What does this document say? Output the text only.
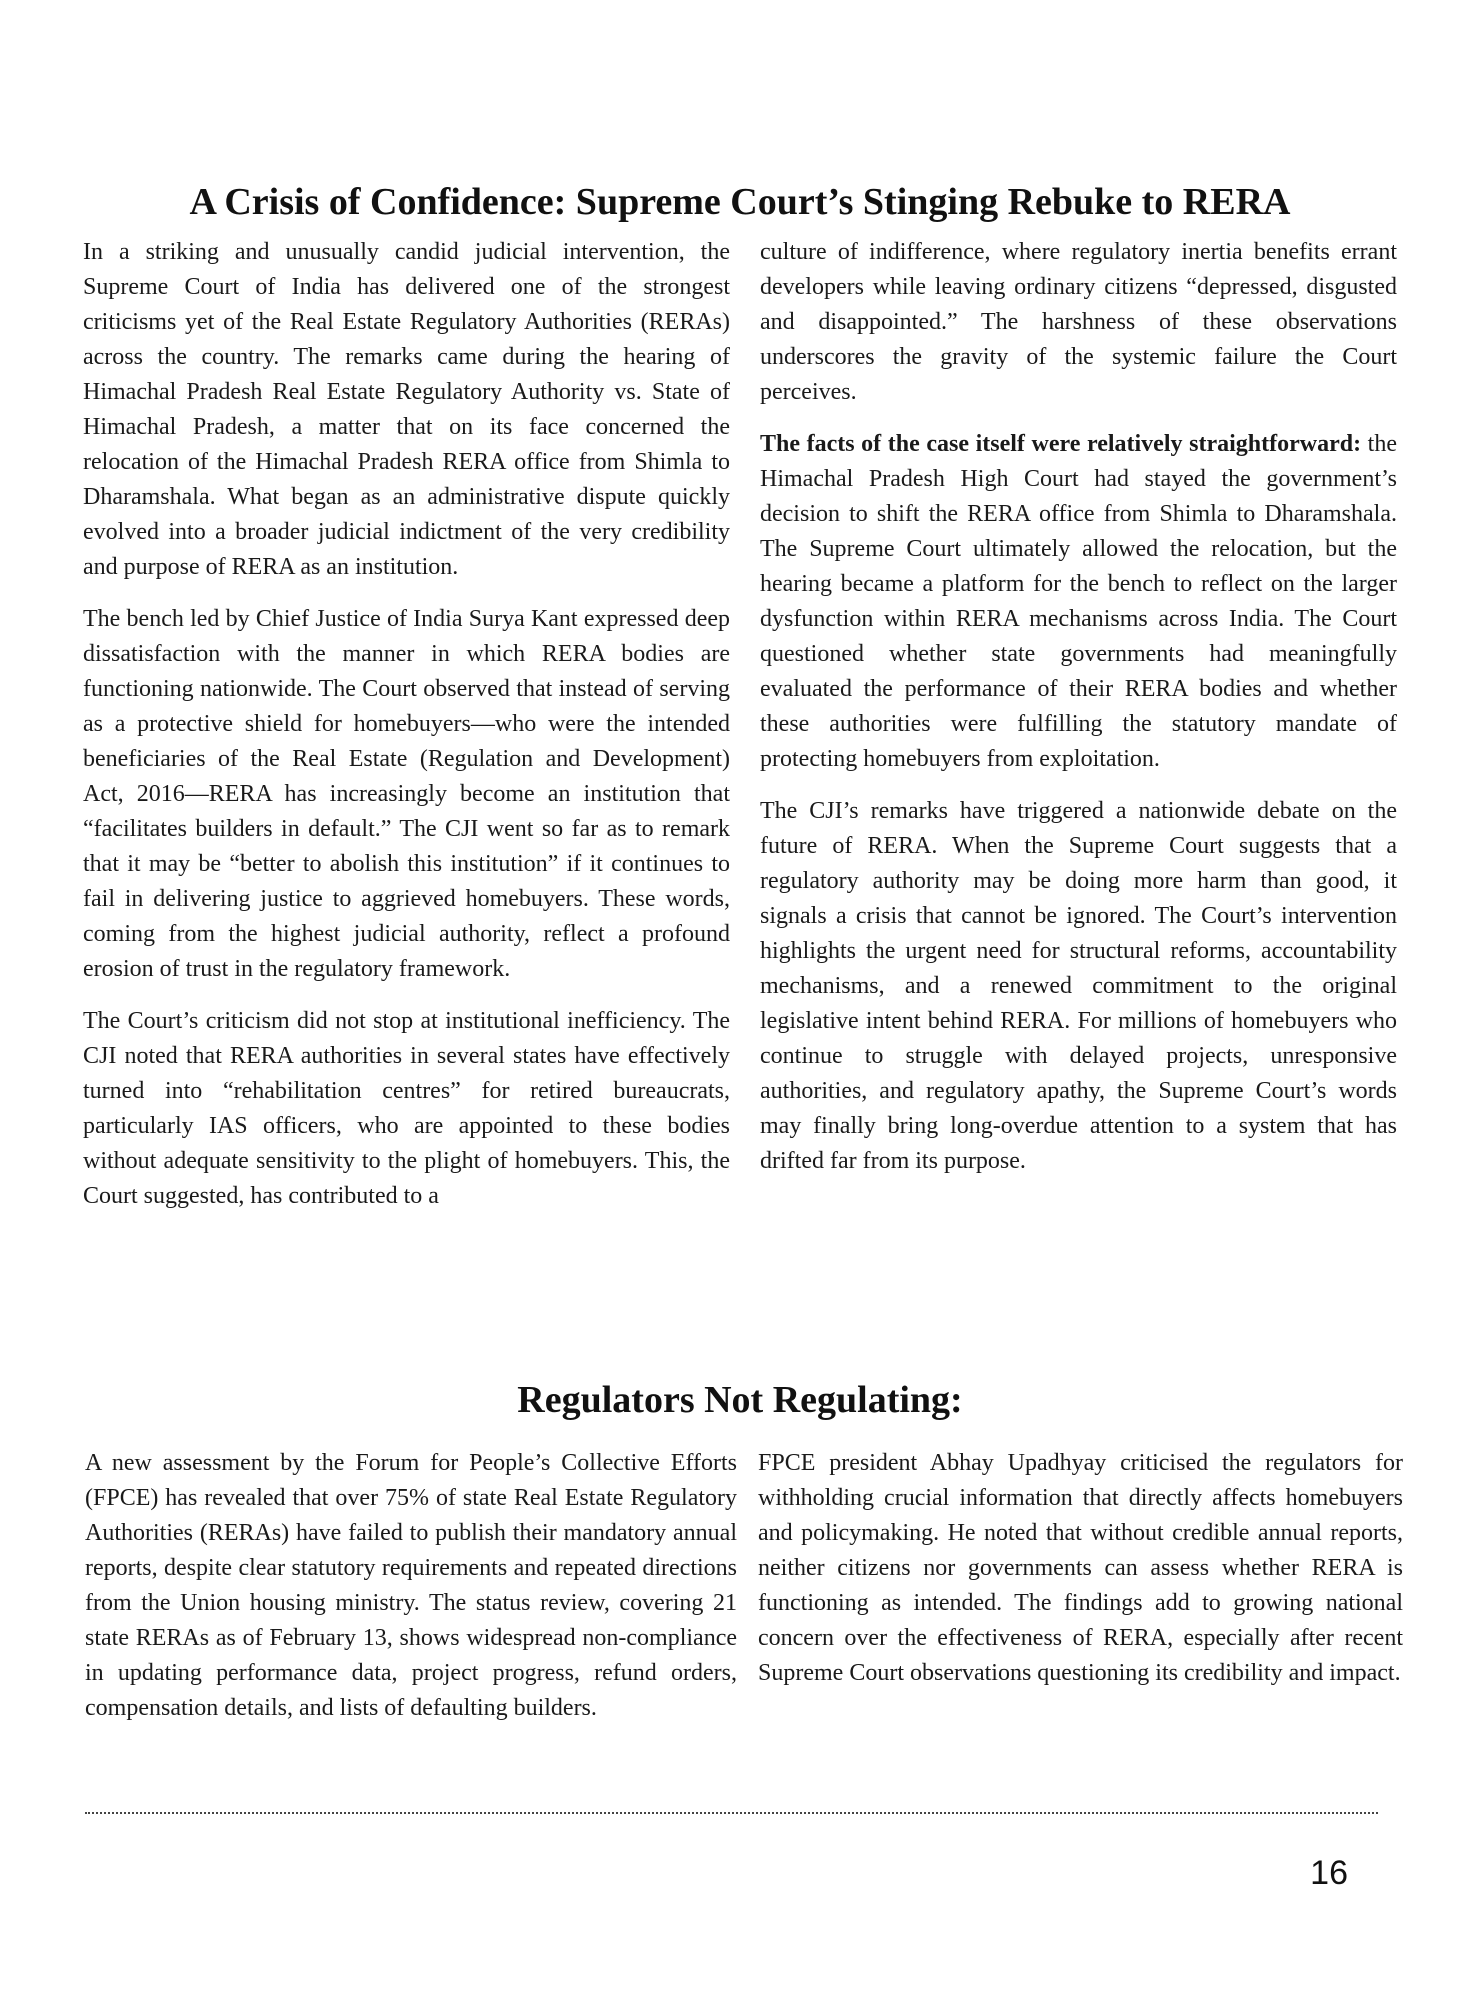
A Crisis of Confidence: Supreme Court’s Stinging Rebuke to RERA

In a striking and unusually candid judicial intervention, the Supreme Court of India has delivered one of the strongest criticisms yet of the Real Estate Regulatory Authorities (RERAs) across the country. The remarks came during the hearing of Himachal Pradesh Real Estate Regulatory Authority vs. State of Himachal Pradesh, a matter that on its face concerned the relocation of the Himachal Pradesh RERA office from Shimla to Dharamshala. What began as an administrative dispute quickly evolved into a broader judicial indictment of the very credibility and purpose of RERA as an institution.

The bench led by Chief Justice of India Surya Kant expressed deep dissatisfaction with the manner in which RERA bodies are functioning nationwide. The Court observed that instead of serving as a protective shield for homebuyers—who were the intended beneficiaries of the Real Estate (Regulation and Development) Act, 2016—RERA has increasingly become an institution that “facilitates builders in default.” The CJI went so far as to remark that it may be “better to abolish this institution” if it continues to fail in delivering justice to aggrieved homebuyers. These words, coming from the highest judicial authority, reflect a profound erosion of trust in the regulatory framework.

The Court’s criticism did not stop at institutional inefficiency. The CJI noted that RERA authorities in several states have effectively turned into “rehabilitation centres” for retired bureaucrats, particularly IAS officers, who are appointed to these bodies without adequate sensitivity to the plight of homebuyers. This, the Court suggested, has contributed to a

culture of indifference, where regulatory inertia benefits errant developers while leaving ordinary citizens “depressed, disgusted and disappointed.” The harshness of these observations underscores the gravity of the systemic failure the Court perceives.

The facts of the case itself were relatively straightforward: the Himachal Pradesh High Court had stayed the government’s decision to shift the RERA office from Shimla to Dharamshala. The Supreme Court ultimately allowed the relocation, but the hearing became a platform for the bench to reflect on the larger dysfunction within RERA mechanisms across India. The Court questioned whether state governments had meaningfully evaluated the performance of their RERA bodies and whether these authorities were fulfilling the statutory mandate of protecting homebuyers from exploitation.

The CJI’s remarks have triggered a nationwide debate on the future of RERA. When the Supreme Court suggests that a regulatory authority may be doing more harm than good, it signals a crisis that cannot be ignored. The Court’s intervention highlights the urgent need for structural reforms, accountability mechanisms, and a renewed commitment to the original legislative intent behind RERA. For millions of homebuyers who continue to struggle with delayed projects, unresponsive authorities, and regulatory apathy, the Supreme Court’s words may finally bring long-overdue attention to a system that has drifted far from its purpose.

Regulators Not Regulating:

A new assessment by the Forum for People’s Collective Efforts (FPCE) has revealed that over 75% of state Real Estate Regulatory Authorities (RERAs) have failed to publish their mandatory annual reports, despite clear statutory requirements and repeated directions from the Union housing ministry. The status review, covering 21 state RERAs as of February 13, shows widespread non-compliance in updating performance data, project progress, refund orders, compensation details, and lists of defaulting builders.

FPCE president Abhay Upadhyay criticised the regulators for withholding crucial information that directly affects homebuyers and policymaking. He noted that without credible annual reports, neither citizens nor governments can assess whether RERA is functioning as intended. The findings add to growing national concern over the effectiveness of RERA, especially after recent Supreme Court observations questioning its credibility and impact.

16
